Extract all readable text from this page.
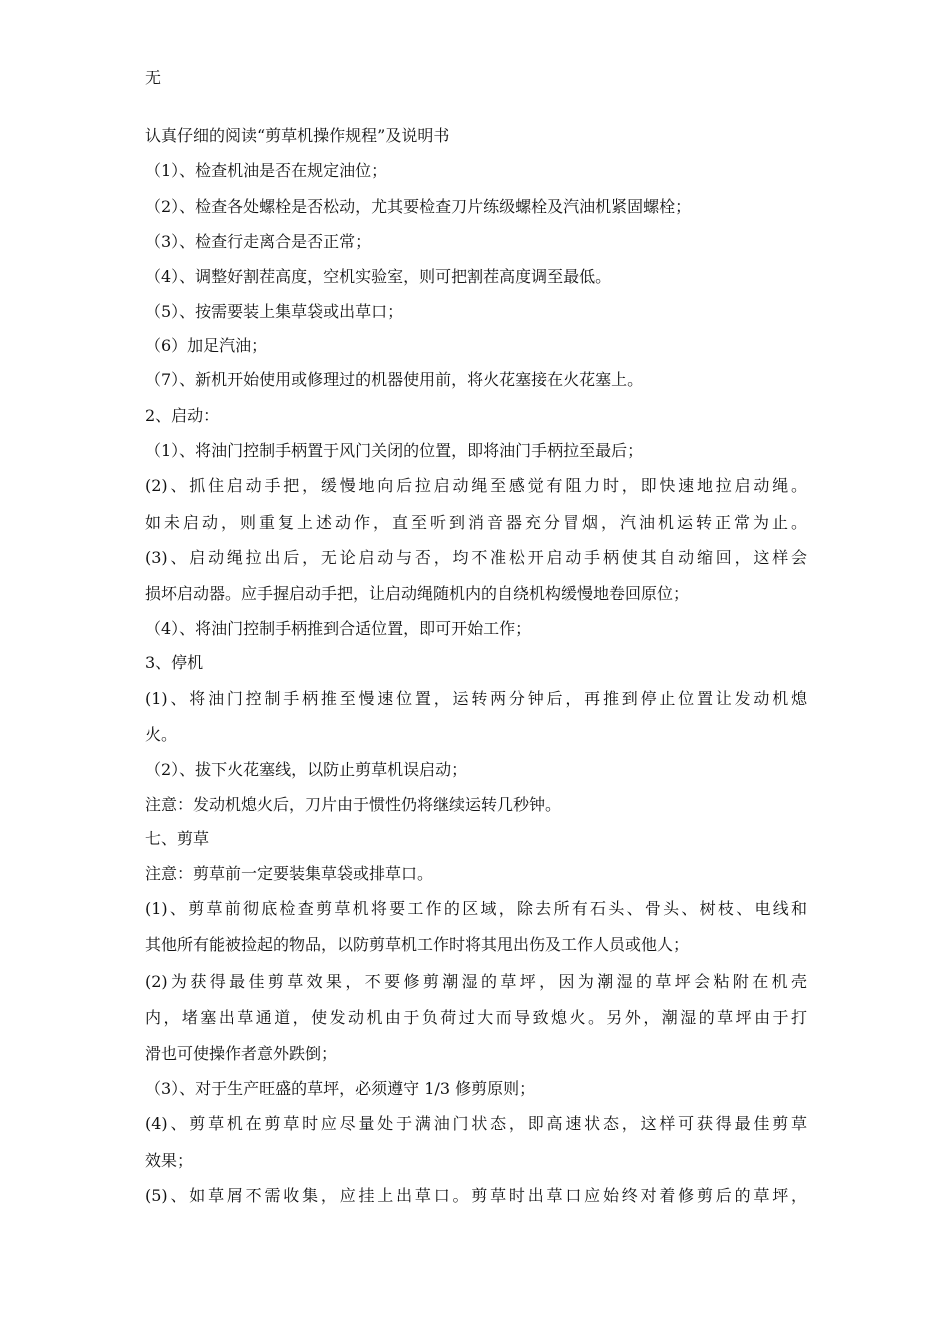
无
认真仔细的阅读“剪草机操作规程”及说明书
（1）、检查机油是否在规定油位；
（2）、检查各处螺栓是否松动，尤其要检查刀片练级螺栓及汽油机紧固螺栓；
（3）、检查行走离合是否正常；
（4）、调整好割茬高度，空机实验室，则可把割茬高度调至最低。
（5）、按需要装上集草袋或出草口；
（6）加足汽油；
（7）、新机开始使用或修理过的机器使用前，将火花塞接在火花塞上。
2、启动：
（1）、将油门控制手柄置于风门关闭的位置，即将油门手柄拉至最后；
(2)、抓住启动手把，缓慢地向后拉启动绳至感觉有阻力时，即快速地拉启动绳。
如未启动，则重复上述动作，直至听到消音器充分冒烟，汽油机运转正常为止。
(3)、启动绳拉出后，无论启动与否，均不准松开启动手柄使其自动缩回，这样会
损坏启动器。应手握启动手把，让启动绳随机内的自绕机构缓慢地卷回原位；
（4）、将油门控制手柄推到合适位置，即可开始工作；
3、停机
(1)、将油门控制手柄推至慢速位置，运转两分钟后，再推到停止位置让发动机熄
火。
（2）、拔下火花塞线，以防止剪草机误启动；
注意：发动机熄火后，刀片由于惯性仍将继续运转几秒钟。
七、剪草
注意：剪草前一定要装集草袋或排草口。
(1)、剪草前彻底检查剪草机将要工作的区域，除去所有石头、骨头、树枝、电线和
其他所有能被捡起的物品，以防剪草机工作时将其甩出伤及工作人员或他人；
(2)为获得最佳剪草效果，不要修剪潮湿的草坪，因为潮湿的草坪会粘附在机壳
内，堵塞出草通道，使发动机由于负荷过大而导致熄火。另外，潮湿的草坪由于打
滑也可使操作者意外跌倒；
（3）、对于生产旺盛的草坪，必须遵守 1/3 修剪原则；
(4)、剪草机在剪草时应尽量处于满油门状态，即高速状态，这样可获得最佳剪草
效果；
(5)、如草屑不需收集，应挂上出草口。剪草时出草口应始终对着修剪后的草坪，
